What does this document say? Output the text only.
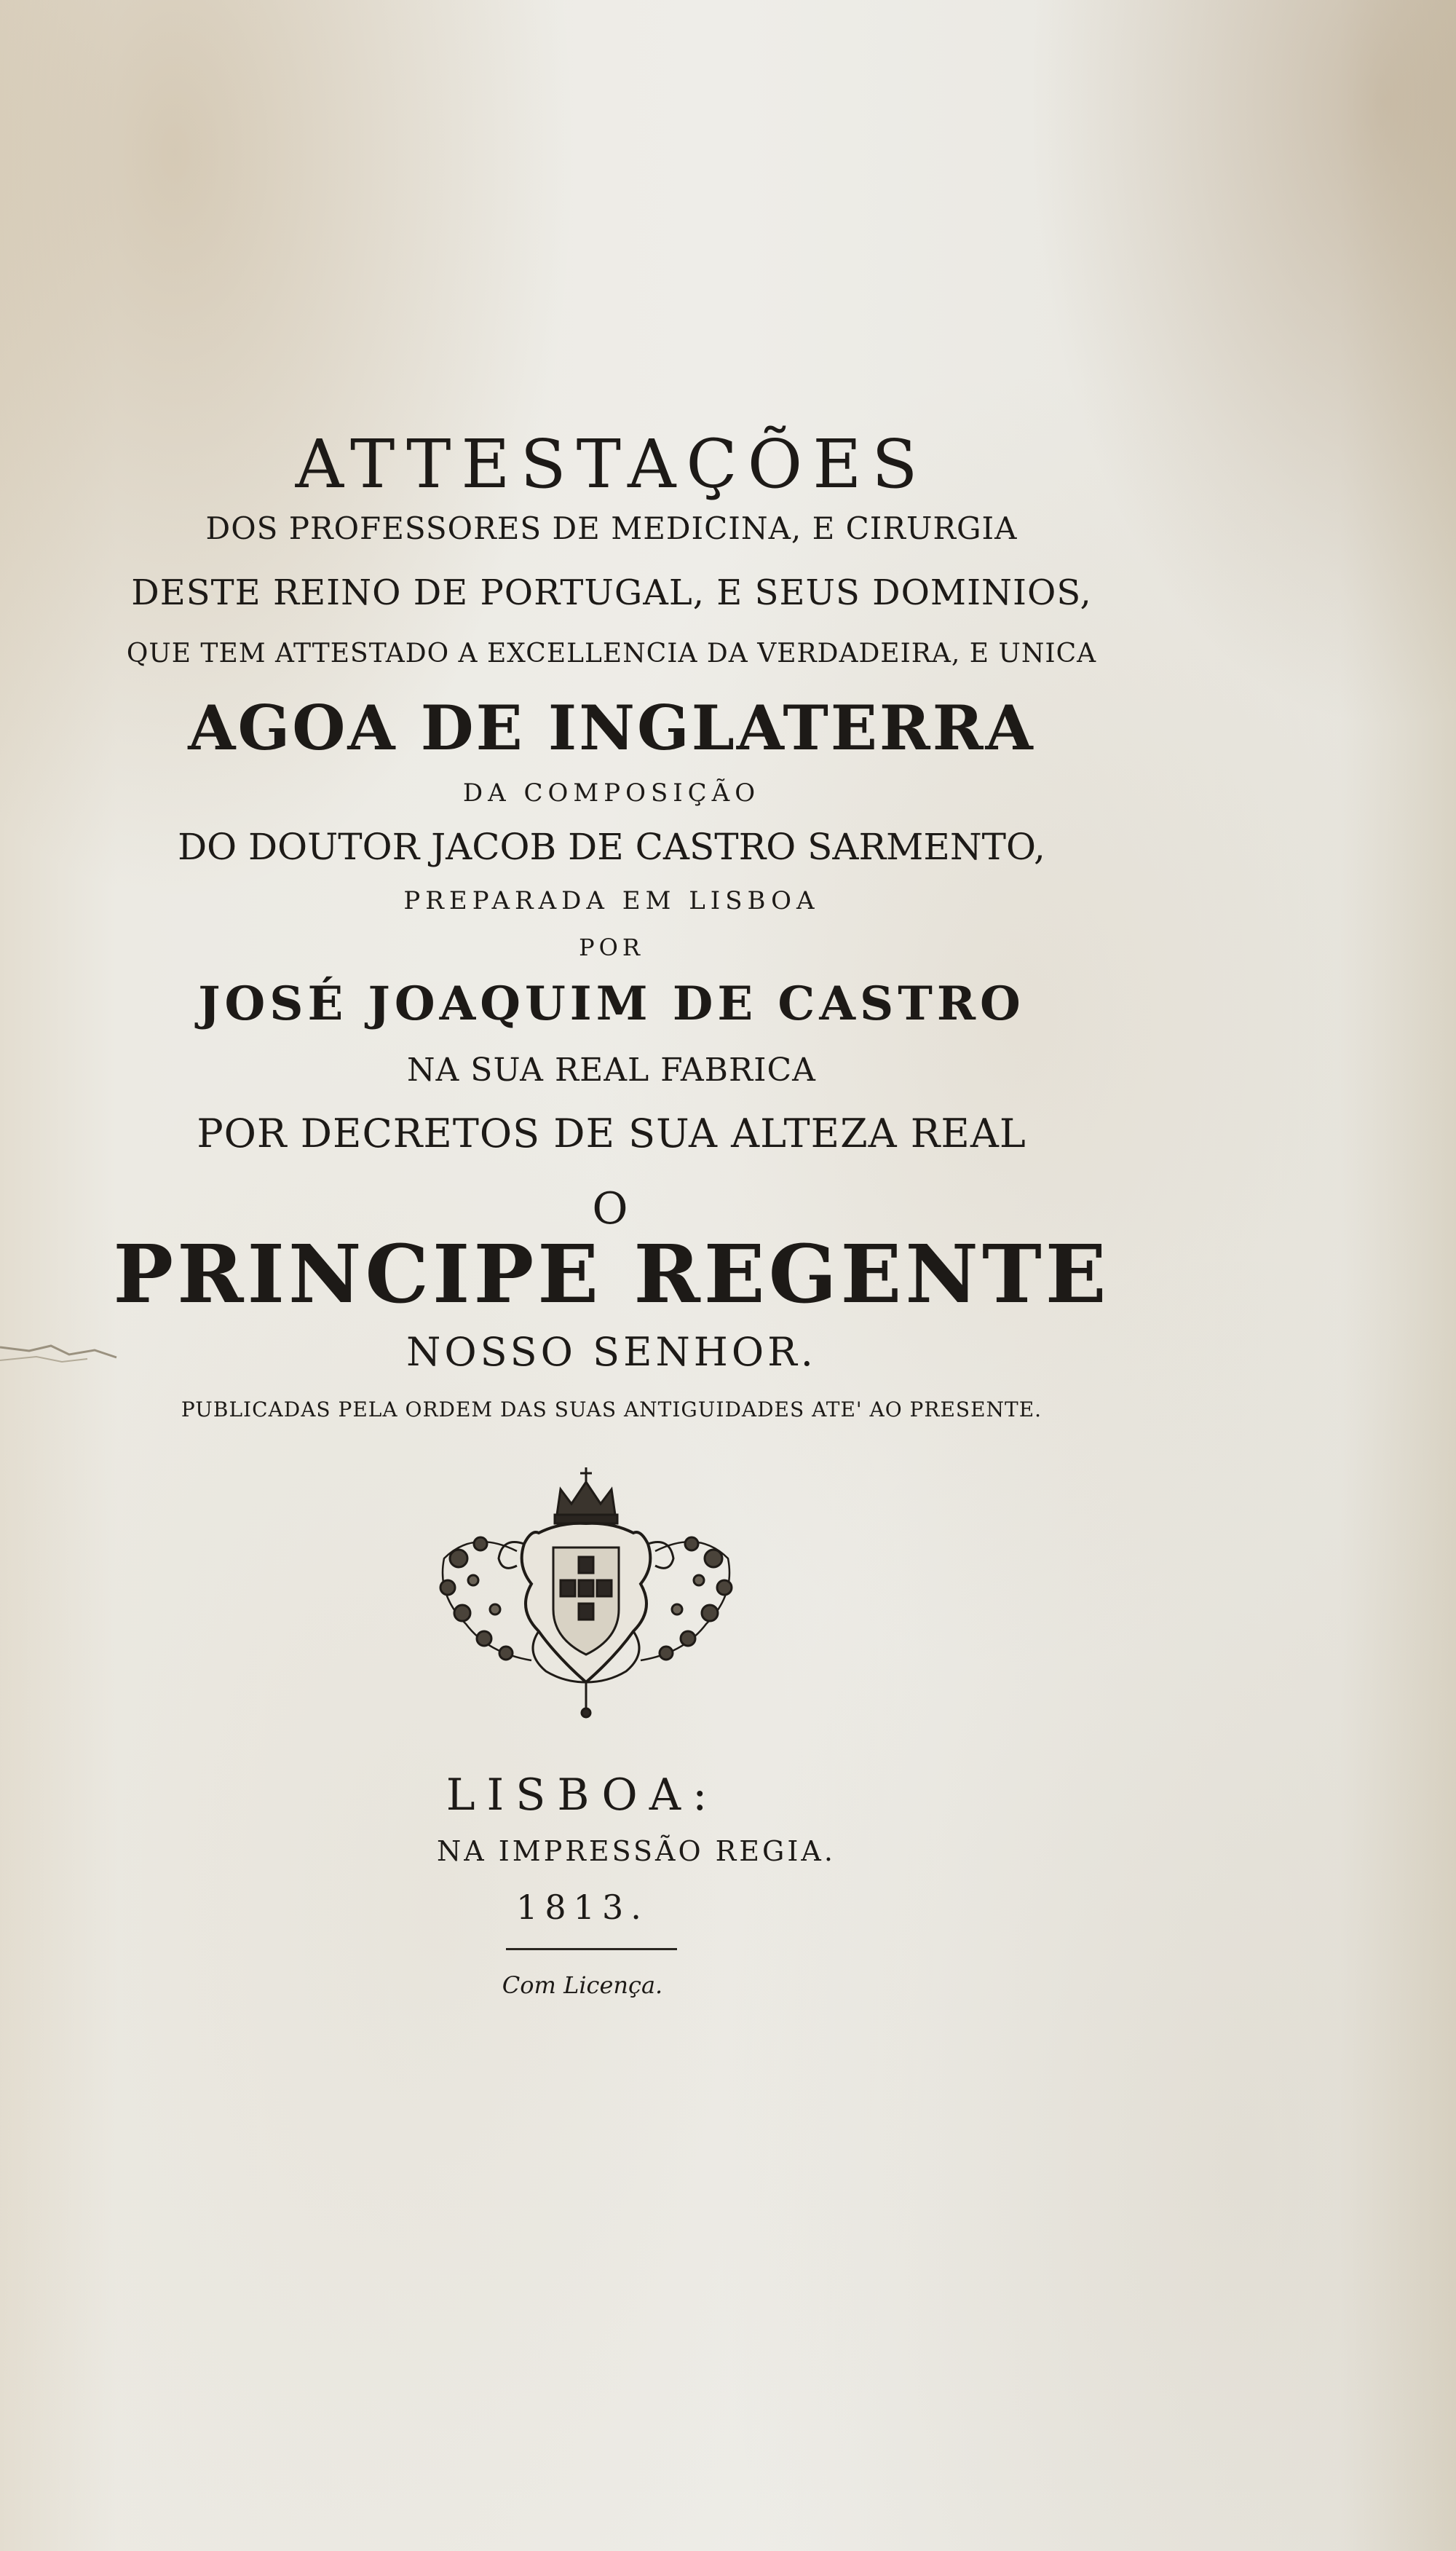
ATTESTAÇÕES
DOS PROFESSORES DE MEDICINA, E CIRURGIA
DESTE REINO DE PORTUGAL, E SEUS DOMINIOS,
QUE TEM ATTESTADO A EXCELLENCIA DA VERDADEIRA, E UNICA
AGOA DE INGLATERRA
DA COMPOSIÇÃO
DO DOUTOR JACOB DE CASTRO SARMENTO,
PREPARADA EM LISBOA
POR
JOSÉ JOAQUIM DE CASTRO
NA SUA REAL FABRICA
POR DECRETOS DE SUA ALTEZA REAL
O
PRINCIPE REGENTE
NOSSO SENHOR.
PUBLICADAS PELA ORDEM DAS SUAS ANTIGUIDADES ATE' AO PRESENTE.
LISBOA:
NA IMPRESSÃO REGIA.
1813.
Com Licença.
